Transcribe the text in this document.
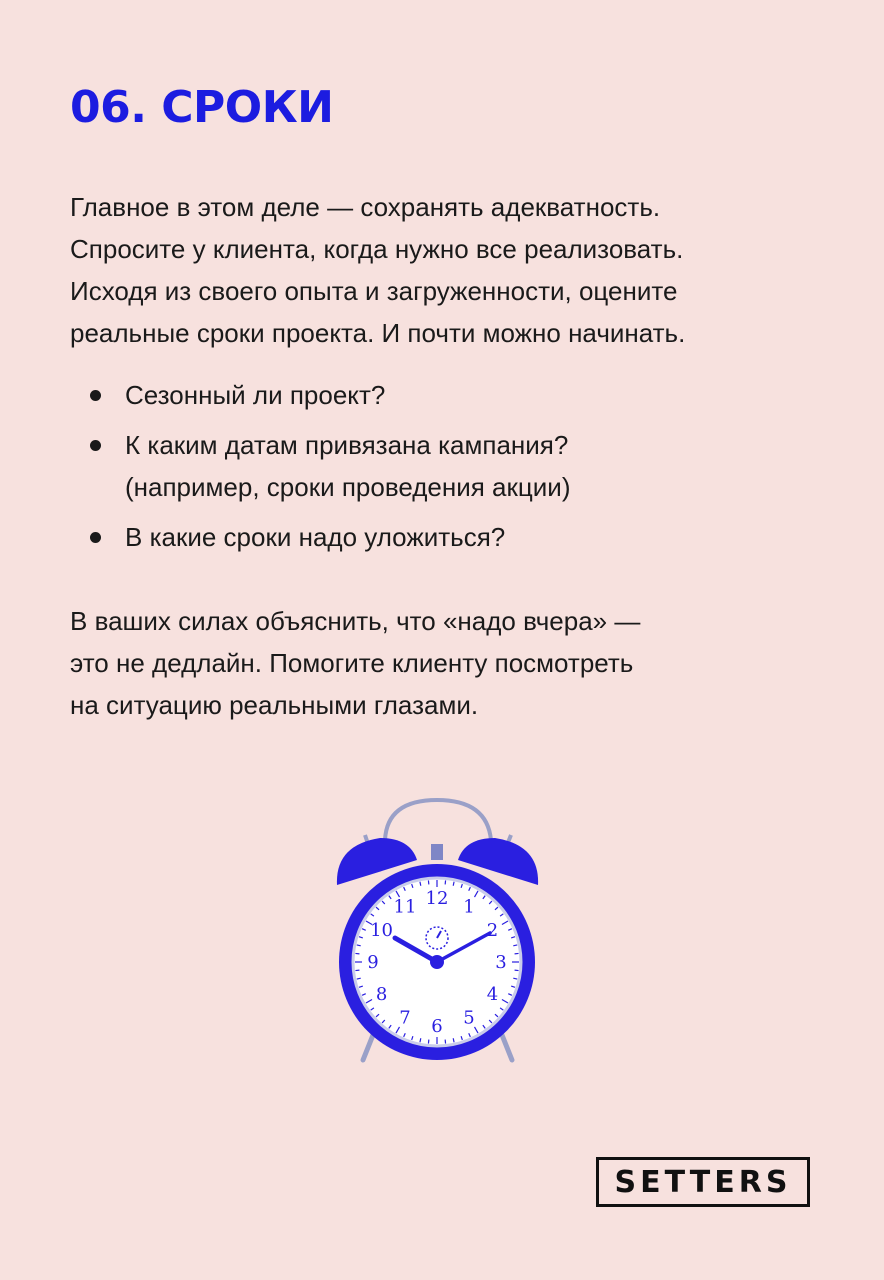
06. СРОКИ

Главное в этом деле — сохранять адекватность.
Спросите у клиента, когда нужно все реализовать.
Исходя из своего опыта и загруженности, оцените
реальные сроки проекта. И почти можно начинать.

Сезонный ли проект?
К каким датам привязана кампания?
(например, сроки проведения акции)
В какие сроки надо уложиться?

В ваших силах объяснить, что «надо вчера» —
это не дедлайн. Помогите клиенту посмотреть
на ситуацию реальными глазами.

12 1
2
3
4
5
6
7
8
9
10
11
SETTERS
